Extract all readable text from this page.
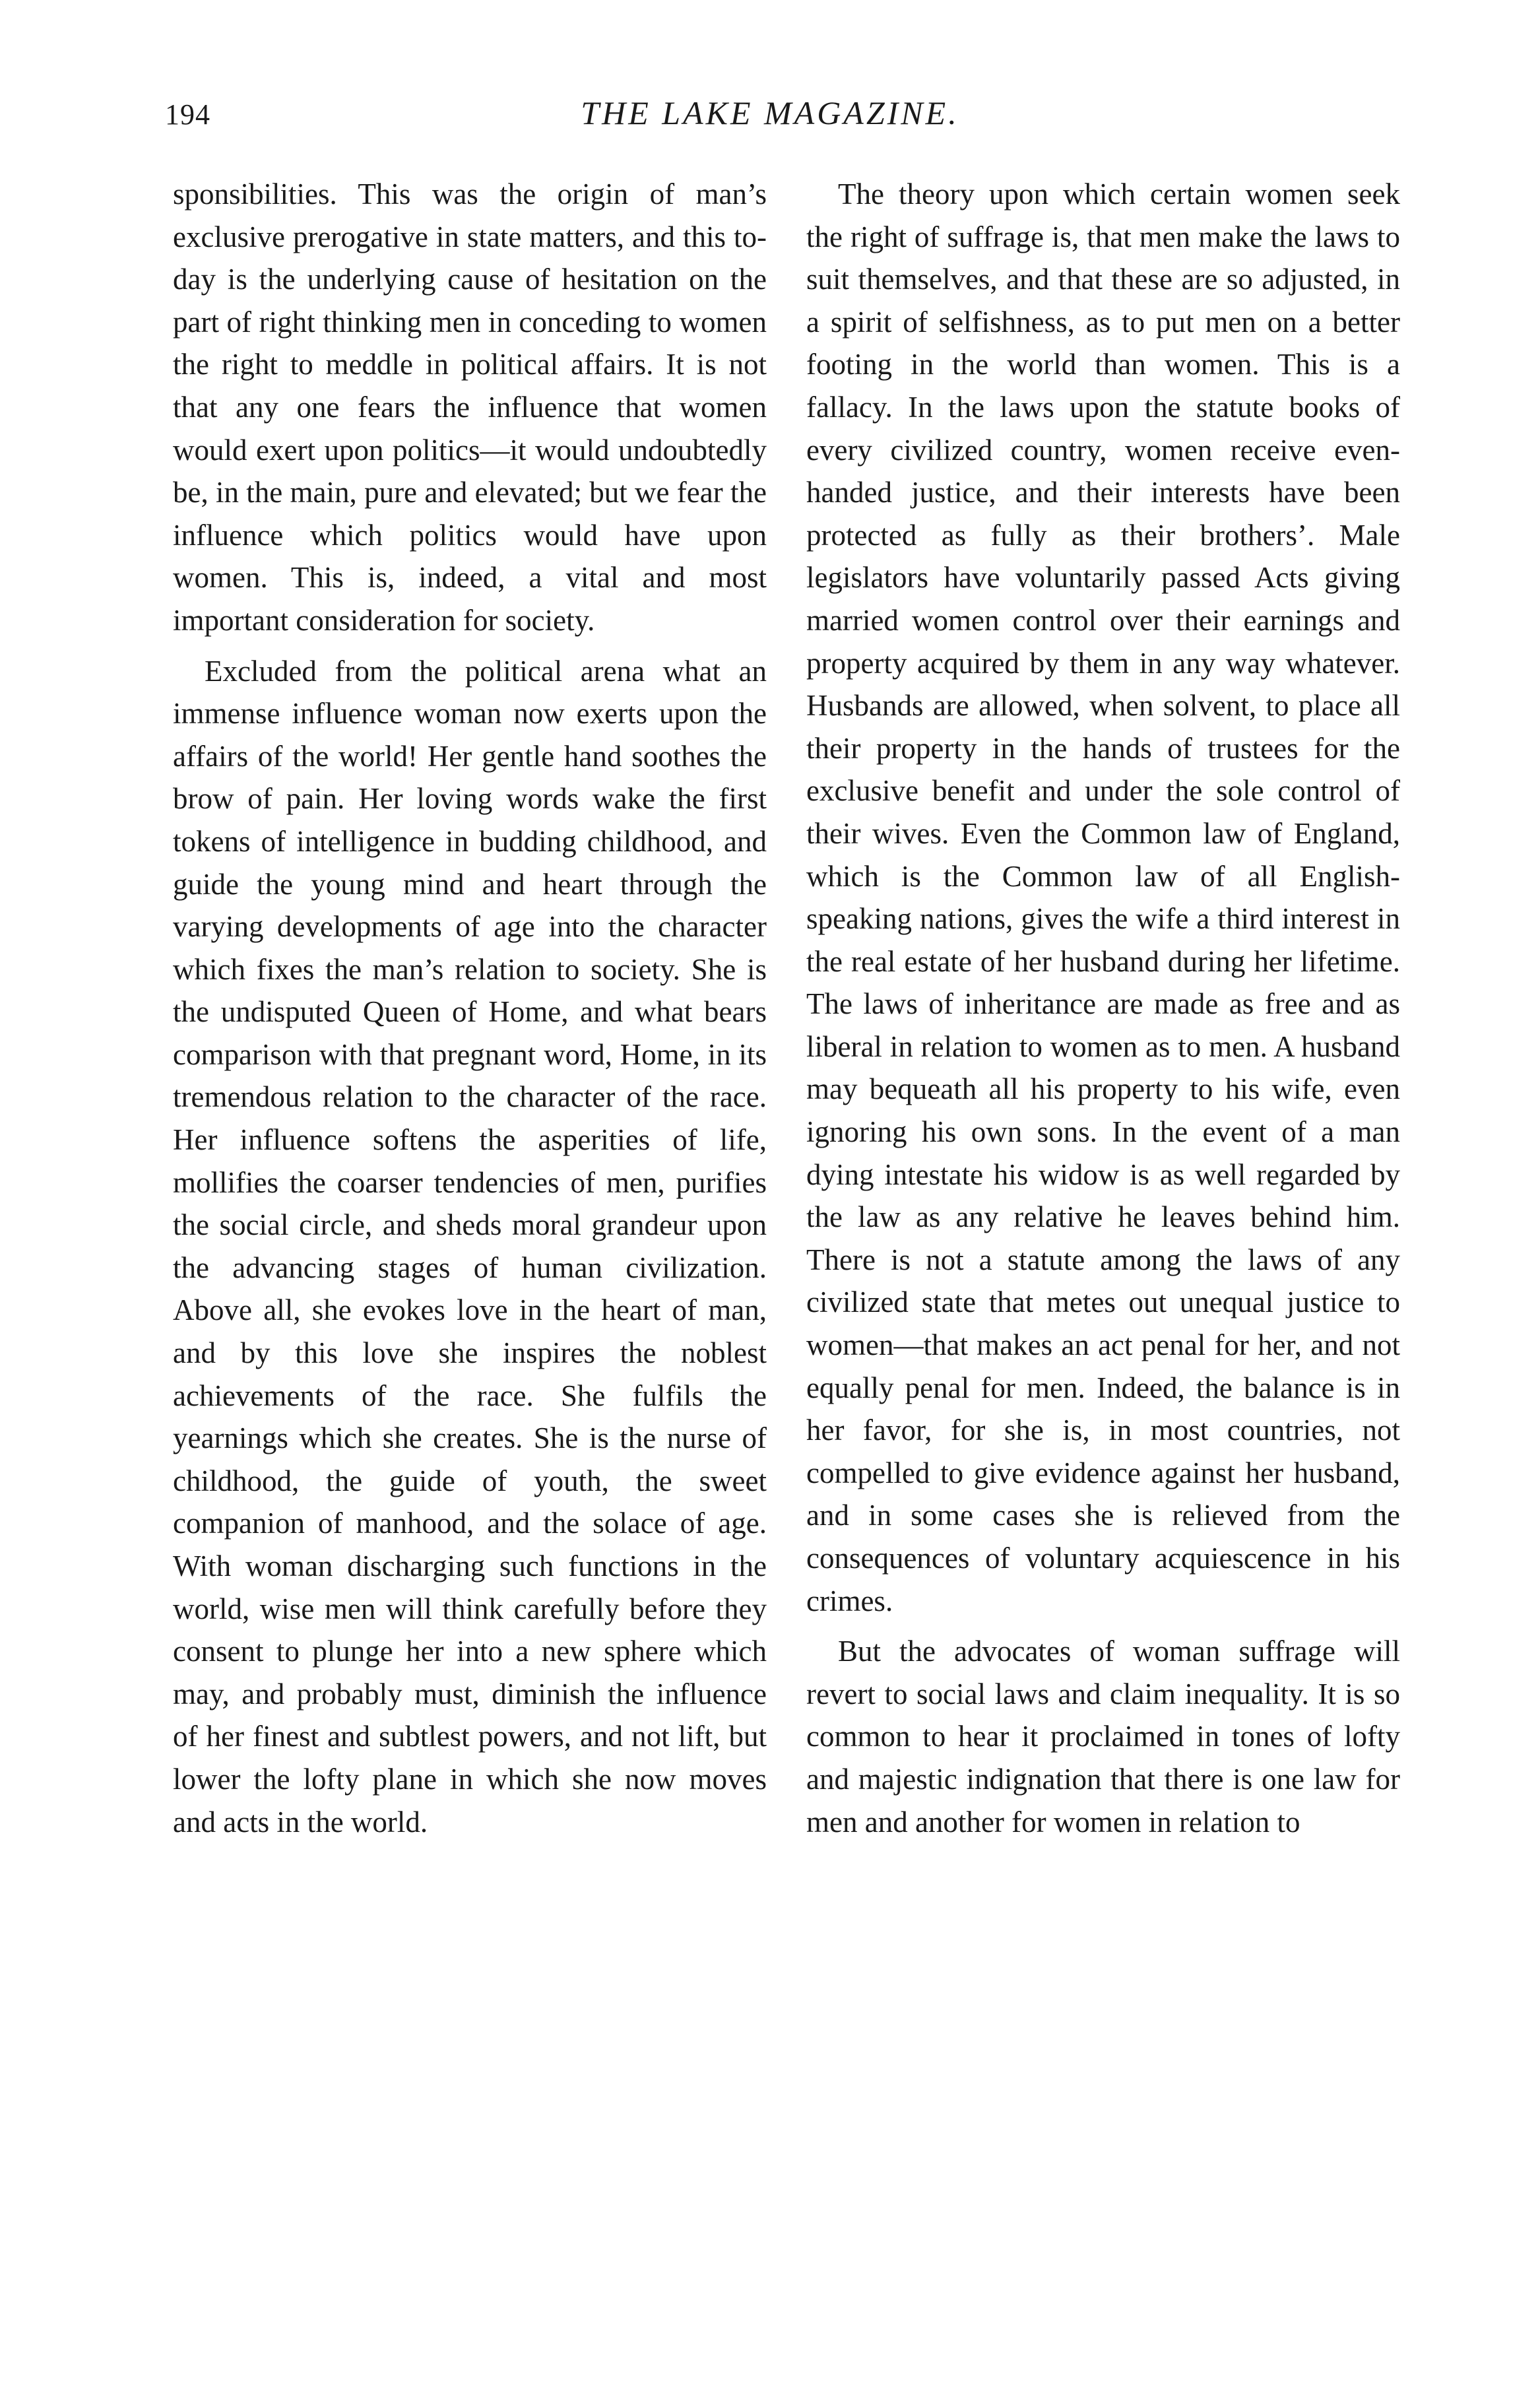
194	THE LAKE MAGAZINE.

sponsibilities. This was the origin of man’s exclusive prerogative in state matters, and this to-day is the underlying cause of hesitation on the part of right thinking men in conceding to women the right to meddle in political affairs. It is not that any one fears the influence that women would exert upon politics—it would undoubtedly be, in the main, pure and elevated; but we fear the influence which politics would have upon women. This is, indeed, a vital and most important consideration for society.

Excluded from the political arena what an immense influence woman now exerts upon the affairs of the world! Her gentle hand soothes the brow of pain. Her loving words wake the first tokens of intelligence in budding childhood, and guide the young mind and heart through the varying developments of age into the character which fixes the man’s relation to society. She is the undisputed Queen of Home, and what bears comparison with that pregnant word, Home, in its tremendous relation to the character of the race. Her influence softens the asperities of life, mollifies the coarser tendencies of men, purifies the social circle, and sheds moral grandeur upon the advancing stages of human civilization. Above all, she evokes love in the heart of man, and by this love she inspires the noblest achievements of the race. She fulfils the yearnings which she creates. She is the nurse of childhood, the guide of youth, the sweet companion of manhood, and the solace of age. With woman discharging such functions in the world, wise men will think carefully before they consent to plunge her into a new sphere which may, and probably must, diminish the influence of her finest and subtlest powers, and not lift, but lower the lofty plane in which she now moves and acts in the world.

The theory upon which certain women seek the right of suffrage is, that men make the laws to suit themselves, and that these are so adjusted, in a spirit of selfishness, as to put men on a better footing in the world than women. This is a fallacy. In the laws upon the statute books of every civilized country, women receive even-handed justice, and their interests have been protected as fully as their brothers’. Male legislators have voluntarily passed Acts giving married women control over their earnings and property acquired by them in any way whatever. Husbands are allowed, when solvent, to place all their property in the hands of trustees for the exclusive benefit and under the sole control of their wives. Even the Common law of England, which is the Common law of all English-speaking nations, gives the wife a third interest in the real estate of her husband during her lifetime. The laws of inheritance are made as free and as liberal in relation to women as to men. A husband may bequeath all his property to his wife, even ignoring his own sons. In the event of a man dying intestate his widow is as well regarded by the law as any relative he leaves behind him. There is not a statute among the laws of any civilized state that metes out unequal justice to women—that makes an act penal for her, and not equally penal for men. Indeed, the balance is in her favor, for she is, in most countries, not compelled to give evidence against her husband, and in some cases she is relieved from the consequences of voluntary acquiescence in his crimes.

But the advocates of woman suffrage will revert to social laws and claim inequality. It is so common to hear it proclaimed in tones of lofty and majestic indignation that there is one law for men and another for women in relation to
